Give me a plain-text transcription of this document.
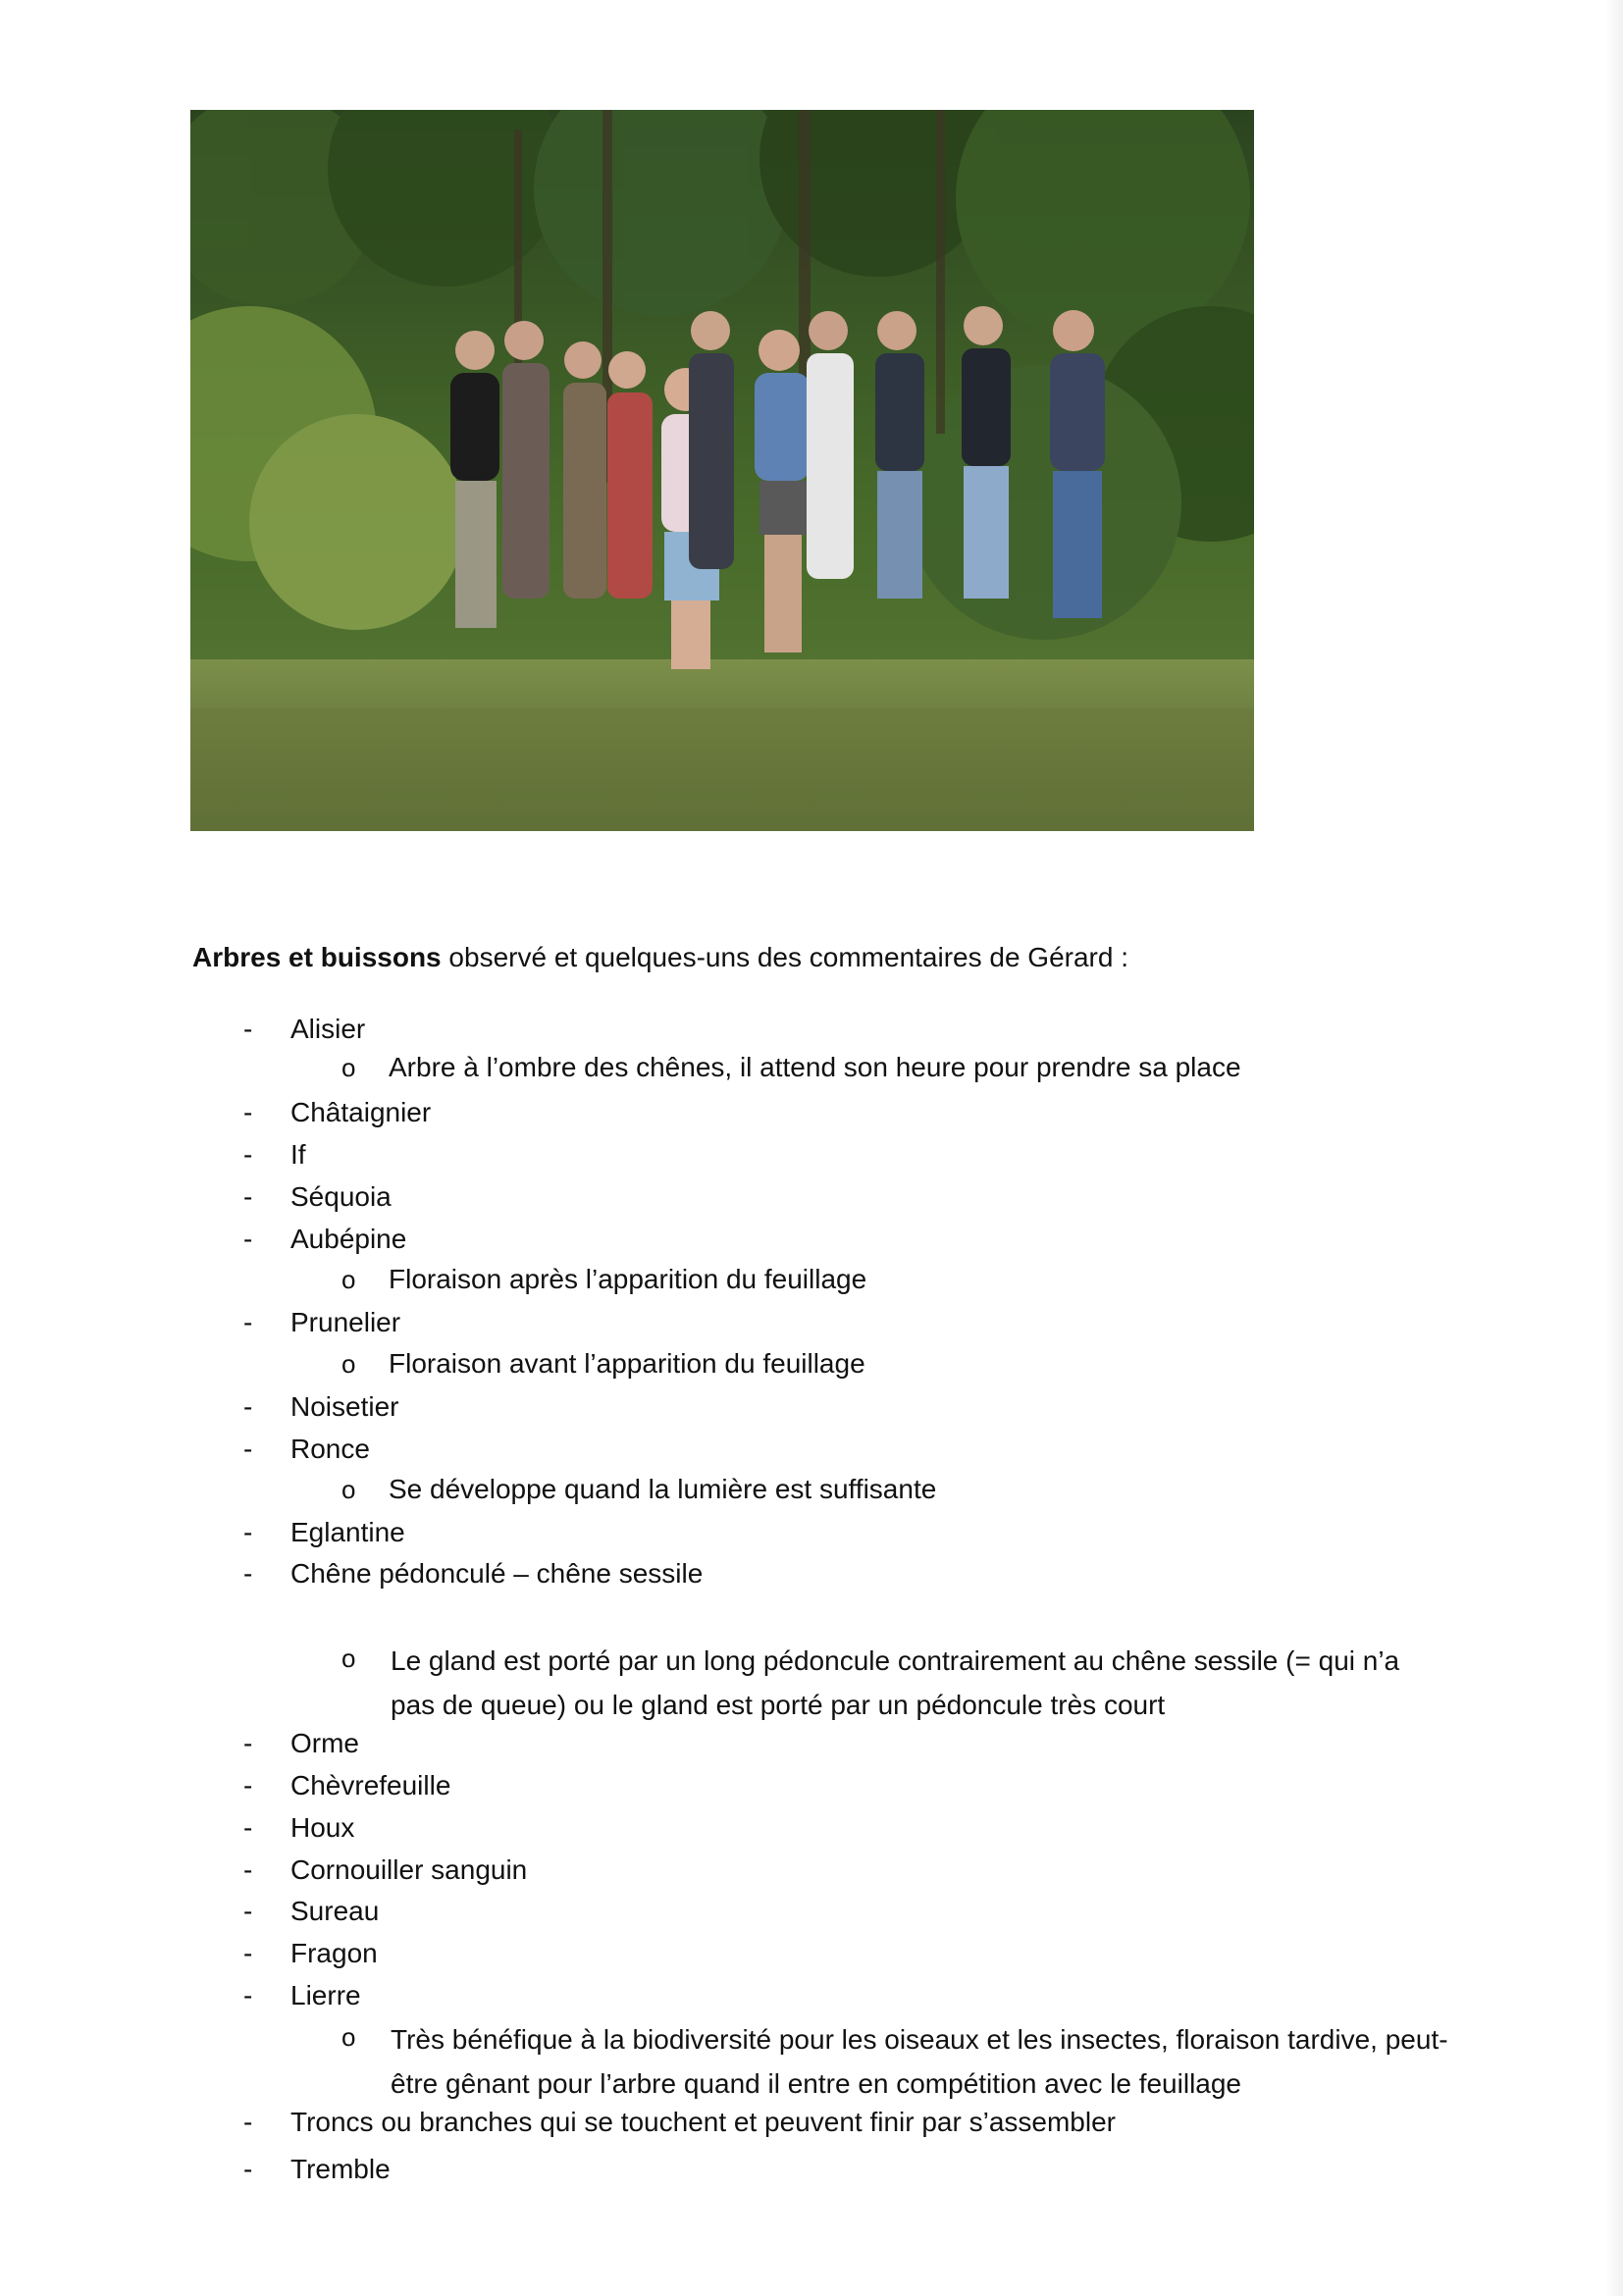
Arbres et buissons observé et quelques-uns des commentaires de Gérard :
- Alisier
o Arbre à l’ombre des chênes, il attend son heure pour prendre sa place
- Châtaignier
- If
- Séquoia
- Aubépine
o Floraison après l’apparition du feuillage
- Prunelier
o Floraison avant l’apparition du feuillage
- Noisetier
- Ronce
o Se développe quand la lumière est suffisante
- Eglantine
- Chêne pédonculé – chêne sessile
o Le gland est porté par un long pédoncule contrairement au chêne sessile (= qui n’a pas de queue) ou le gland est porté par un pédoncule très court
- Orme
- Chèvrefeuille
- Houx
- Cornouiller sanguin
- Sureau
- Fragon
- Lierre
o Très bénéfique à la biodiversité pour les oiseaux et les insectes, floraison tardive, peut-être gênant pour l’arbre quand il entre en compétition avec le feuillage
- Troncs ou branches qui se touchent et peuvent finir par s’assembler
- Tremble
